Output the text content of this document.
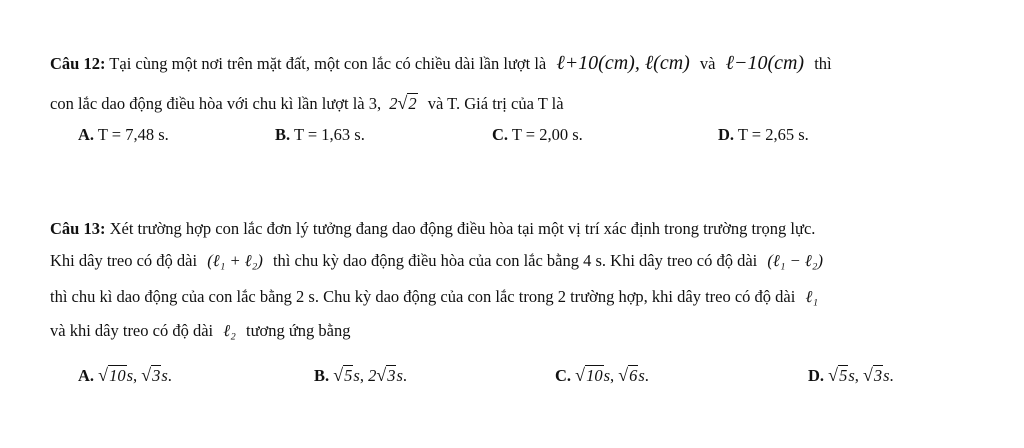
Câu 12: Tại cùng một nơi trên mặt đất, một con lắc có chiều dài lần lượt là ℓ+10(cm), ℓ(cm) và ℓ−10(cm) thì
con lắc dao động điều hòa với chu kì lần lượt là 3, 2√2 và T. Giá trị của T là
A. T = 7,48 s.	B. T = 1,63 s.	C. T = 2,00 s.	D. T = 2,65 s.
Câu 13: Xét trường hợp con lắc đơn lý tưởng đang dao động điều hòa tại một vị trí xác định trong trường trọng lực.
Khi dây treo có độ dài (ℓ₁ + ℓ₂) thì chu kỳ dao động điều hòa của con lắc bằng 4 s. Khi dây treo có độ dài (ℓ₁ − ℓ₂)
thì chu kì dao động của con lắc bằng 2 s. Chu kỳ dao động của con lắc trong 2 trường hợp, khi dây treo có độ dài ℓ₁
và khi dây treo có độ dài ℓ₂ tương ứng bằng
A. √10s, √3s.	B. √5s, 2√3s.	C. √10s, √6s.	D. √5s, √3s.
